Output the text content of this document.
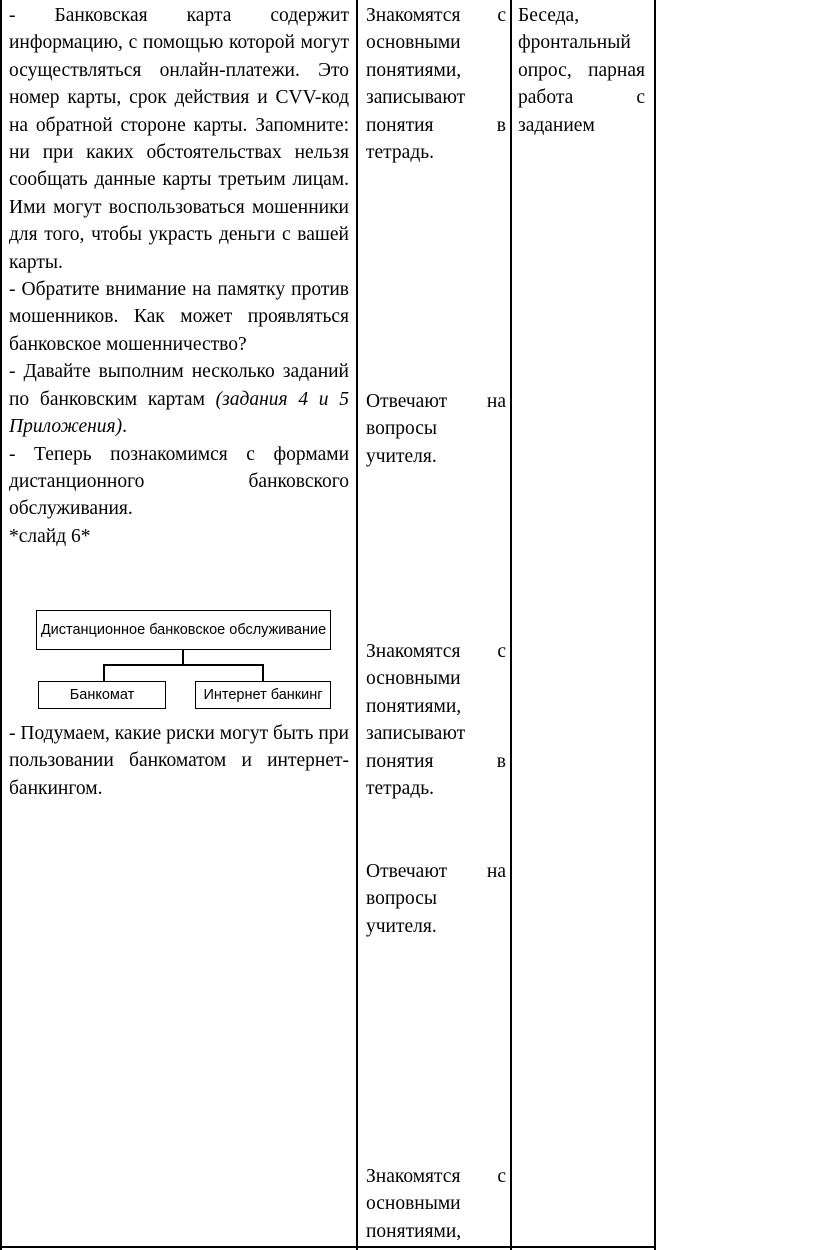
- Банковская карта содержит информацию, с помощью которой могут осуществляться онлайн-платежи. Это номер карты, срок действия и CVV-код на обратной стороне карты. Запомните: ни при каких обстоятельствах нельзя сообщать данные карты третьим лицам. Ими могут воспользоваться мошенники для того, чтобы украсть деньги с вашей карты.

- Обратите внимание на памятку против мошенников. Как может проявляться банковское мошенничество?

- Давайте выполним несколько заданий по банковским картам (задания 4 и 5 Приложения).

- Теперь познакомимся с формами дистанционного банковского обслуживания.

*слайд 6*

Дистанционное банковское обслуживание
Банкомат	Интернет банкинг
- Подумаем, какие риски могут быть при пользовании банкоматом и интернет-банкингом.
Знакомятся с основными понятиями, записывают понятия в тетрадь.
Отвечают на вопросы учителя.
Знакомятся с основными понятиями, записывают понятия в тетрадь.
Отвечают на вопросы учителя.
Знакомятся с основными понятиями,
Беседа, фронтальный опрос, парная работа с заданием
